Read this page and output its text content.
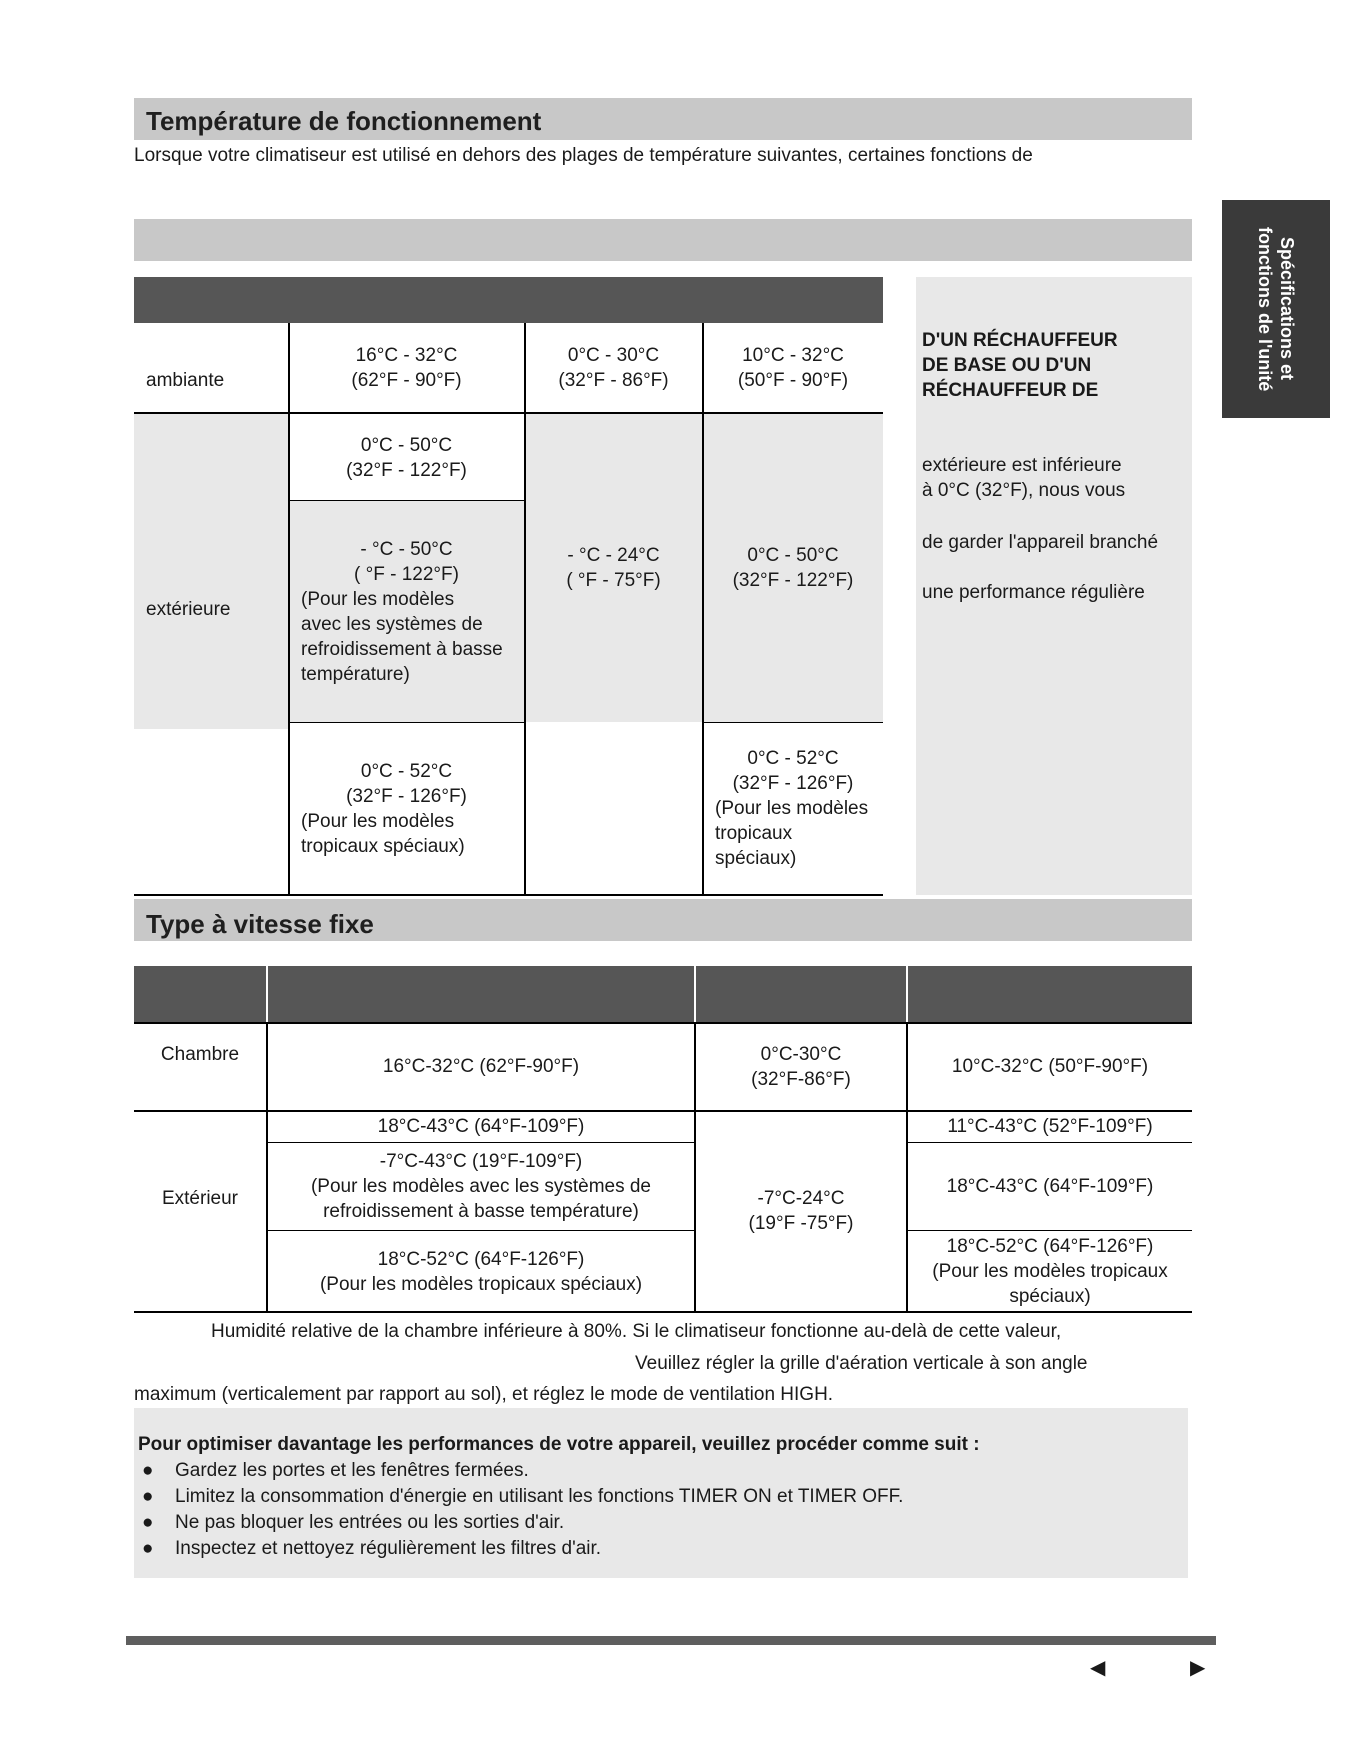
Spécifications et
fonctions de l'unité
Température de fonctionnement
Lorsque votre climatiseur est utilisé en dehors des plages de température suivantes, certaines fonctions de
ambiante
16°C - 32°C
(62°F - 90°F)
0°C - 30°C
(32°F - 86°F)
10°C - 32°C
(50°F - 90°F)
extérieure
0°C - 50°C
(32°F - 122°F)
- °C - 50°C
( °F - 122°F)
(Pour les modèles
avec les systèmes de
refroidissement à basse
température)
- °C - 24°C
( °F - 75°F)
0°C - 50°C
(32°F - 122°F)
0°C - 52°C
(32°F - 126°F)
(Pour les modèles
tropicaux spéciaux)
0°C - 52°C
(32°F - 126°F)
(Pour les modèles
tropicaux
spéciaux)
D'UN RÉCHAUFFEUR
DE BASE OU D'UN
RÉCHAUFFEUR DE
extérieure est inférieure
à 0°C (32°F), nous vous
de garder l'appareil branché
une performance régulière
Type à vitesse fixe
Chambre
16°C-32°C (62°F-90°F)
0°C-30°C
(32°F-86°F)
10°C-32°C (50°F-90°F)
Extérieur
18°C-43°C (64°F-109°F)
-7°C-43°C (19°F-109°F)
(Pour les modèles avec les systèmes de
refroidissement à basse température)
18°C-52°C (64°F-126°F)
(Pour les modèles tropicaux spéciaux)
-7°C-24°C
(19°F -75°F)
11°C-43°C (52°F-109°F)
18°C-43°C (64°F-109°F)
18°C-52°C (64°F-126°F)
(Pour les modèles tropicaux
spéciaux)
Humidité relative de la chambre inférieure à 80%. Si le climatiseur fonctionne au-delà de cette valeur,
Veuillez régler la grille d'aération verticale à son angle
maximum (verticalement par rapport au sol), et réglez le mode de ventilation HIGH.
Pour optimiser davantage les performances de votre appareil, veuillez procéder comme suit :
● Gardez les portes et les fenêtres fermées.
● Limitez la consommation d'énergie en utilisant les fonctions TIMER ON et TIMER OFF.
● Ne pas bloquer les entrées ou les sorties d'air.
● Inspectez et nettoyez régulièrement les filtres d'air.
◀	▶
